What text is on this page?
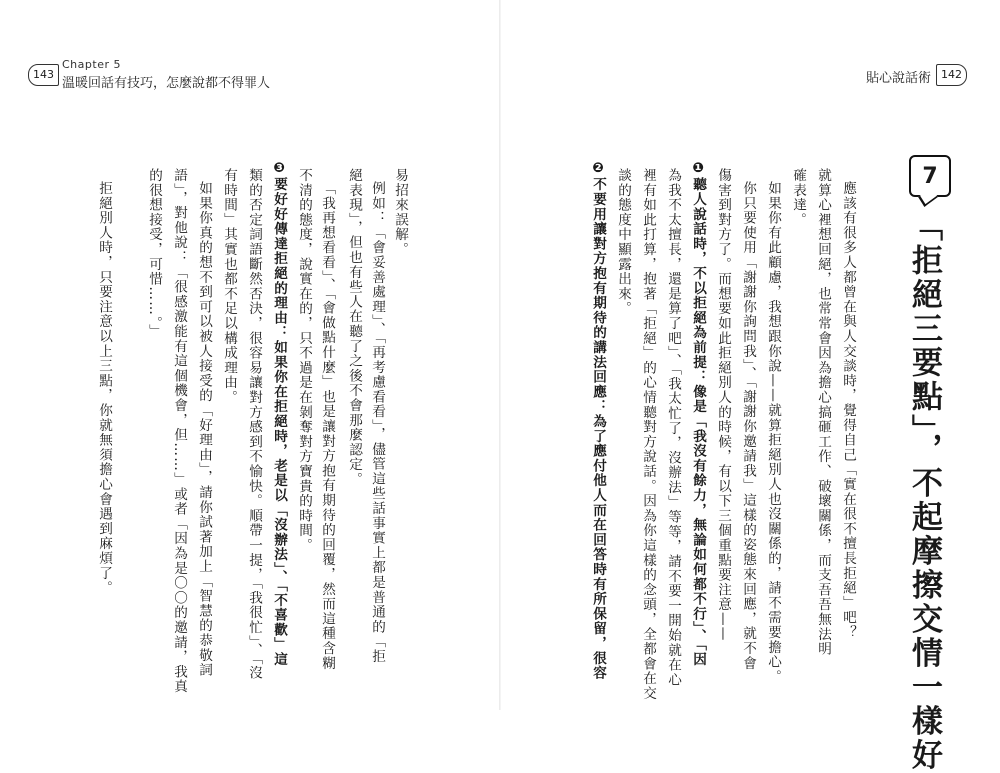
143
Chapter 5
溫暖回話有技巧，怎麼說都不得罪人
易招來誤解。
例如：「會妥善處理」、「再考慮看看」，儘管這些話事實上都是普通的「拒
絕表現」，但也有些人在聽了之後不會那麼認定。
「我再想看看」、「會做點什麼」也是讓對方抱有期待的回覆，然而這種含糊
不清的態度，說實在的，只不過是在剝奪對方寶貴的時間。
❸要好好傳達拒絕的理由：如果你在拒絕時，老是以「沒辦法」、「不喜歡」這
類的否定詞語斷然否決，很容易讓對方感到不愉快。順帶一提，「我很忙」、「沒
有時間」其實也都不足以構成理由。
如果你真的想不到可以被人接受的「好理由」，請你試著加上「智慧的恭敬詞
語」，對他說：「很感激能有這個機會，但……」或者「因為是〇〇的邀請，我真
的很想接受，可惜……。」
拒絕別人時，只要注意以上三點，你就無須擔心會遇到麻煩了。
貼心說話術 142
7
「拒絕三要點」，不起摩擦交情一樣好
應該有很多人都曾在與人交談時，覺得自己「實在很不擅長拒絕」吧？
就算心裡想回絕，也常常會因為擔心搞砸工作、破壞關係，而支吾吾無法明
確表達。
如果你有此顧慮，我想跟你說——就算拒絕別人也沒關係的，請不需要擔心。
你只要使用「謝謝你詢問我」、「謝謝你邀請我」這樣的姿態來回應，就不會
傷害到對方了。而想要如此拒絕別人的時候，有以下三個重點要注意——
❶聽人說話時，不以拒絕為前提：像是「我沒有餘力，無論如何都不行」、「因
為我不太擅長，還是算了吧」、「我太忙了，沒辦法」等等，請不要一開始就在心
裡有如此打算，抱著「拒絕」的心情聽對方說話。因為你這樣的念頭，全都會在交
談的態度中顯露出來。
❷不要用讓對方抱有期待的講法回應：為了應付他人而在回答時有所保留，很容
